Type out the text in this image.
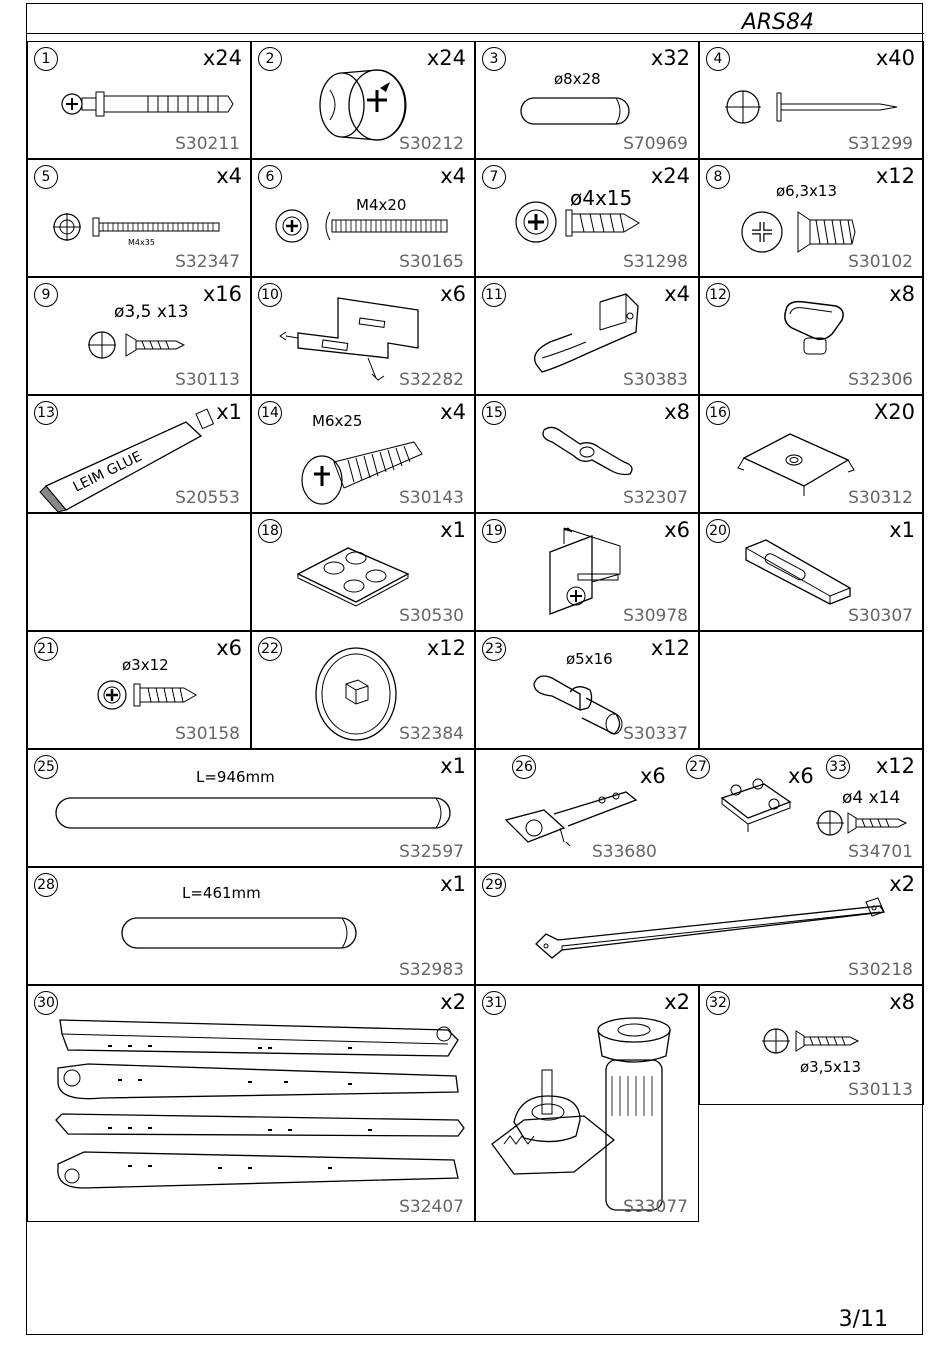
ARS84
1	x24
S30211
2	x24
S30212
3	x32
ø8x28
S70969
4	x40
S31299
5	x4
M4x35
S32347
6	x4
M4x20
S30165
7	x24
ø4x15
S31298
8	x12
ø6,3x13
S30102
9	x16
ø3,5 x13
S30113
10	x6
S32282
11	x4
S30383
12	x8
S32306
13	x1
LEIM GLUE
S20553
14	x4
M6x25
S30143
15	x8
S32307
16	X20
S30312
18	x1
S30530
19	x6
S30978
20	x1
S30307
21	x6
ø3x12
S30158
22	x12
S32384
23	x12
ø5x16
S30337
25	x1
L=946mm
S32597
26	x6
S33680
27	x6 33 x12
ø4 x14
S34701
28	x1
L=461mm
S32983
29	x2
S30218
30	x2
S32407
31	x2
S33077
32	x8
ø3,5x13
S30113
3/11
